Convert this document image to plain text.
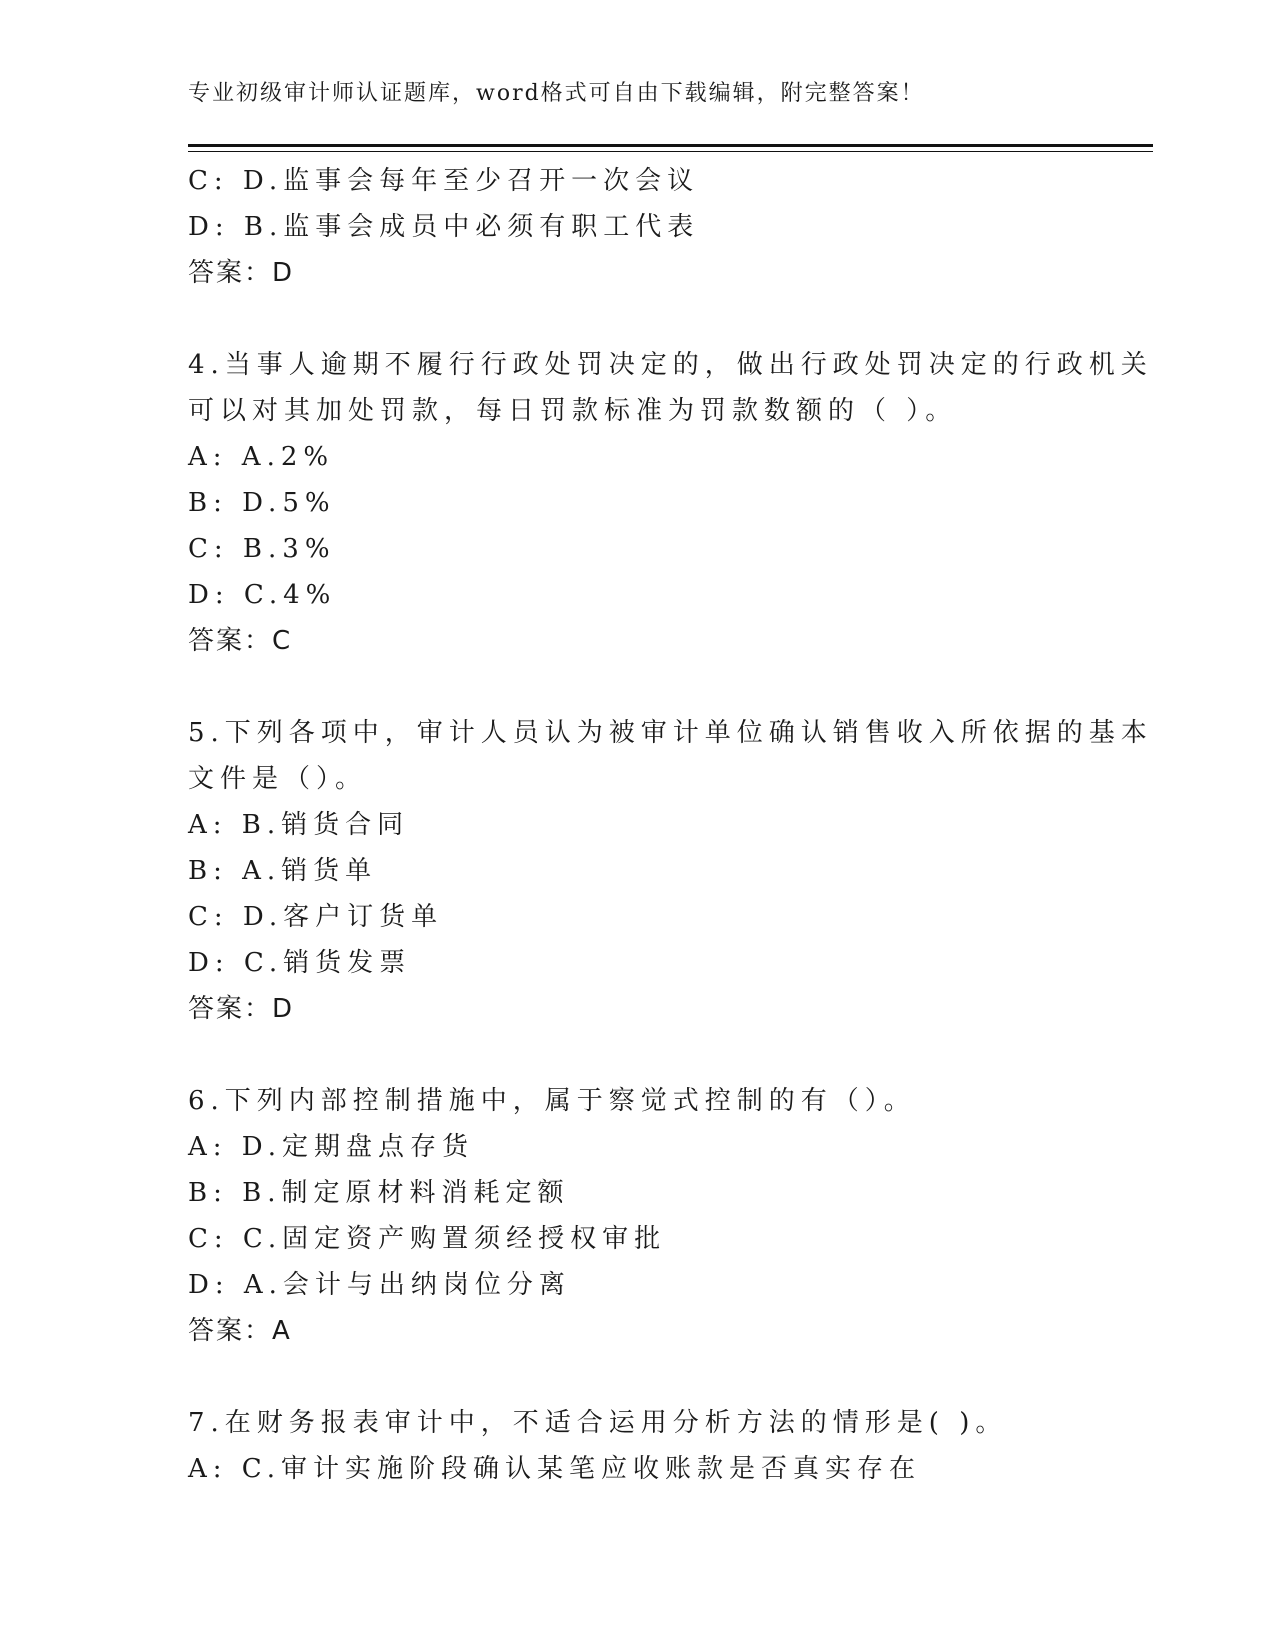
专业初级审计师认证题库，word格式可自由下载编辑，附完整答案！
C: D.监事会每年至少召开一次会议
D: B.监事会成员中必须有职工代表
答案：D
4.当事人逾期不履行行政处罚决定的，做出行政处罚决定的行政机关
可以对其加处罚款，每日罚款标准为罚款数额的（ ）。
A: A.2%
B: D.5%
C: B.3%
D: C.4%
答案：C
5.下列各项中，审计人员认为被审计单位确认销售收入所依据的基本
文件是（）。
A: B.销货合同
B: A.销货单
C: D.客户订货单
D: C.销货发票
答案：D
6.下列内部控制措施中，属于察觉式控制的有（）。
A: D.定期盘点存货
B: B.制定原材料消耗定额
C: C.固定资产购置须经授权审批
D: A.会计与出纳岗位分离
答案：A
7.在财务报表审计中，不适合运用分析方法的情形是( )。
A: C.审计实施阶段确认某笔应收账款是否真实存在
